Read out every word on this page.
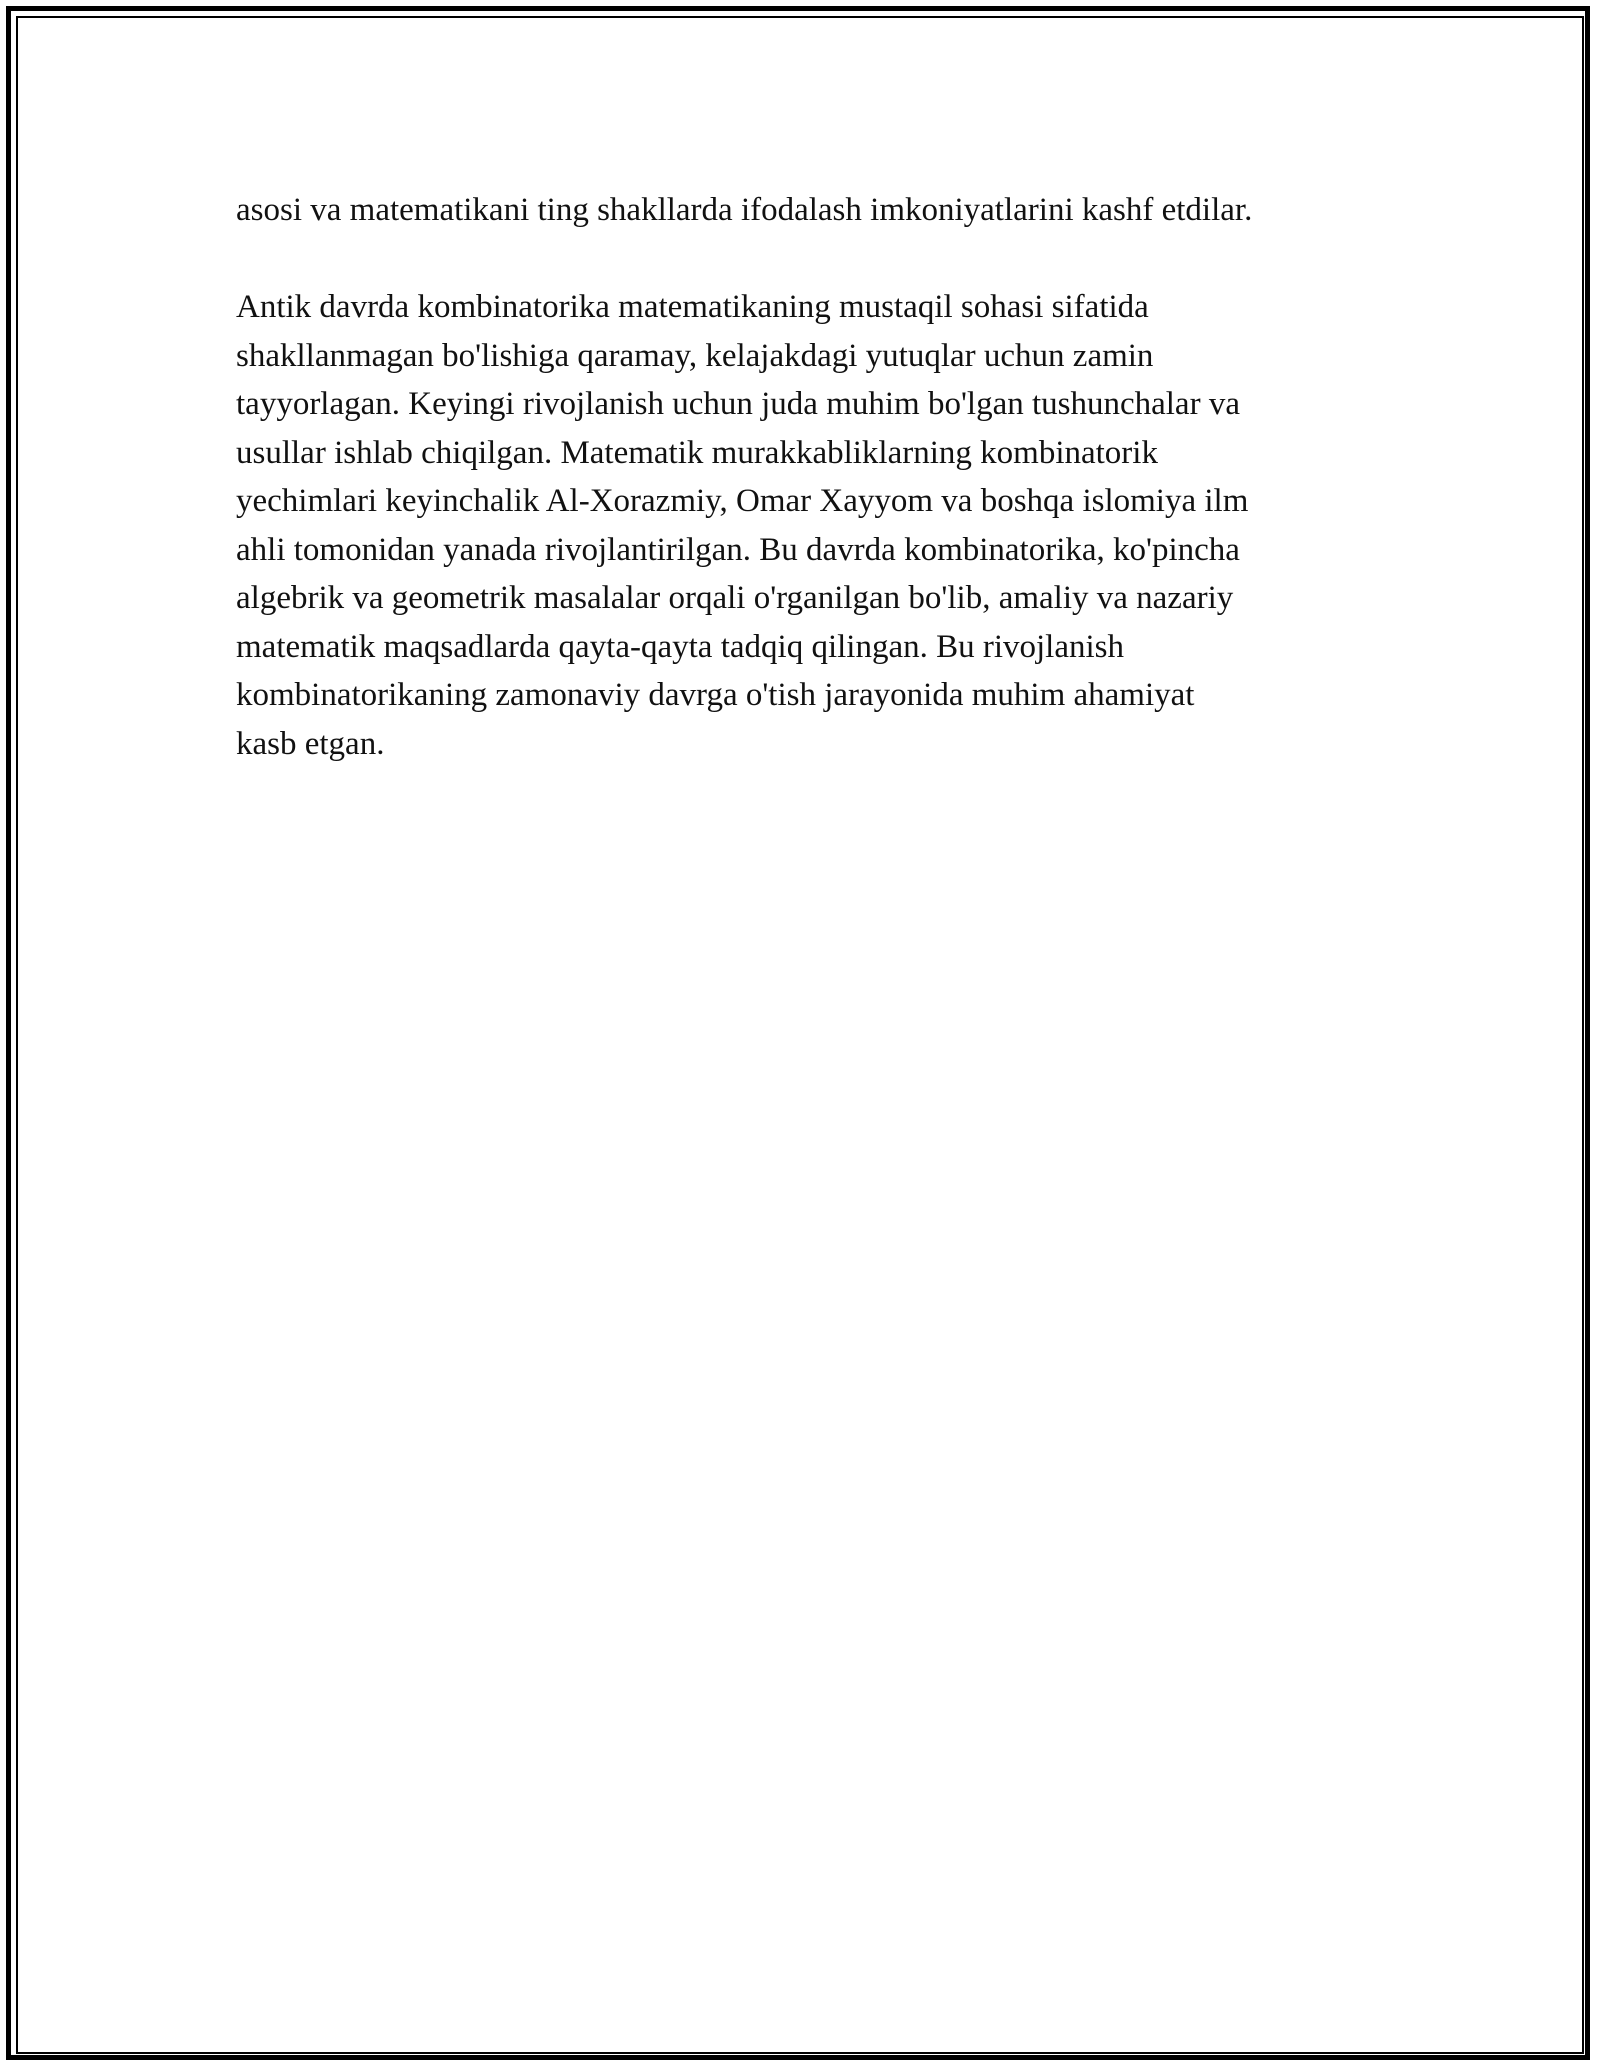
asosi va matematikani ting shakllarda ifodalash imkoniyatlarini kashf etdilar.

Antik davrda kombinatorika matematikaning mustaqil sohasi sifatida
shakllanmagan bo'lishiga qaramay, kelajakdagi yutuqlar uchun zamin
tayyorlagan. Keyingi rivojlanish uchun juda muhim bo'lgan tushunchalar va
usullar ishlab chiqilgan. Matematik murakkabliklarning kombinatorik
yechimlari keyinchalik Al-Xorazmiy, Omar Xayyom va boshqa islomiya ilm
ahli tomonidan yanada rivojlantirilgan. Bu davrda kombinatorika, ko'pincha
algebrik va geometrik masalalar orqali o'rganilgan bo'lib, amaliy va nazariy
matematik maqsadlarda qayta-qayta tadqiq qilingan. Bu rivojlanish
kombinatorikaning zamonaviy davrga o'tish jarayonida muhim ahamiyat
kasb etgan.
